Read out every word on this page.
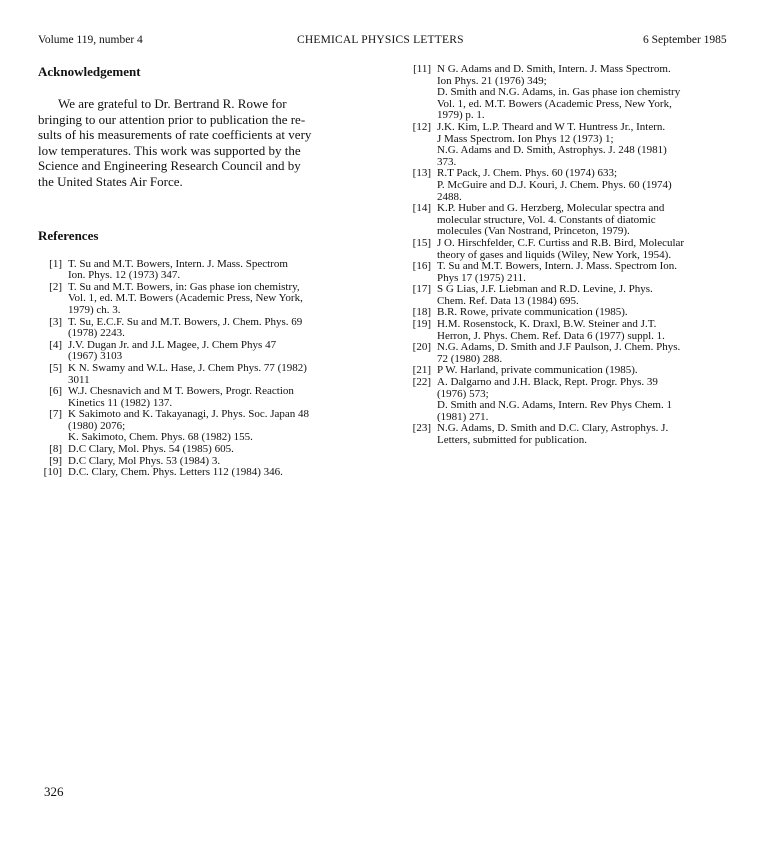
Volume 119, number 4	CHEMICAL PHYSICS LETTERS	6 September 1985
Acknowledgement
We are grateful to Dr. Bertrand R. Rowe for
bringing to our attention prior to publication the re-
sults of his measurements of rate coefficients at very
low temperatures. This work was supported by the
Science and Engineering Research Council and by
the United States Air Force.
References
[1] T. Su and M.T. Bowers, Intern. J. Mass. Spectrom
Ion. Phys. 12 (1973) 347.
[2] T. Su and M.T. Bowers, in: Gas phase ion chemistry,
Vol. 1, ed. M.T. Bowers (Academic Press, New York,
1979) ch. 3.
[3] T. Su, E.C.F. Su and M.T. Bowers, J. Chem. Phys. 69
(1978) 2243.
[4] J.V. Dugan Jr. and J.L Magee, J. Chem Phys 47
(1967) 3103
[5] K N. Swamy and W.L. Hase, J. Chem Phys. 77 (1982)
3011
[6] W.J. Chesnavich and M T. Bowers, Progr. Reaction
Kinetics 11 (1982) 137.
[7] K Sakimoto and K. Takayanagi, J. Phys. Soc. Japan 48
(1980) 2076;
K. Sakimoto, Chem. Phys. 68 (1982) 155.
[8] D.C Clary, Mol. Phys. 54 (1985) 605.
[9] D.C Clary, Mol Phys. 53 (1984) 3.
[10] D.C. Clary, Chem. Phys. Letters 112 (1984) 346.
[11] N G. Adams and D. Smith, Intern. J. Mass Spectrom.
Ion Phys. 21 (1976) 349;
D. Smith and N.G. Adams, in. Gas phase ion chemistry
Vol. 1, ed. M.T. Bowers (Academic Press, New York,
1979) p. 1.
[12] J.K. Kim, L.P. Theard and W T. Huntress Jr., Intern.
J Mass Spectrom. Ion Phys 12 (1973) 1;
N.G. Adams and D. Smith, Astrophys. J. 248 (1981)
373.
[13] R.T Pack, J. Chem. Phys. 60 (1974) 633;
P. McGuire and D.J. Kouri, J. Chem. Phys. 60 (1974)
2488.
[14] K.P. Huber and G. Herzberg, Molecular spectra and
molecular structure, Vol. 4. Constants of diatomic
molecules (Van Nostrand, Princeton, 1979).
[15] J O. Hirschfelder, C.F. Curtiss and R.B. Bird, Molecular
theory of gases and liquids (Wiley, New York, 1954).
[16] T. Su and M.T. Bowers, Intern. J. Mass. Spectrom Ion.
Phys 17 (1975) 211.
[17] S G Lias, J.F. Liebman and R.D. Levine, J. Phys.
Chem. Ref. Data 13 (1984) 695.
[18] B.R. Rowe, private communication (1985).
[19] H.M. Rosenstock, K. Draxl, B.W. Steiner and J.T.
Herron, J. Phys. Chem. Ref. Data 6 (1977) suppl. 1.
[20] N.G. Adams, D. Smith and J.F Paulson, J. Chem. Phys.
72 (1980) 288.
[21] P W. Harland, private communication (1985).
[22] A. Dalgarno and J.H. Black, Rept. Progr. Phys. 39
(1976) 573;
D. Smith and N.G. Adams, Intern. Rev Phys Chem. 1
(1981) 271.
[23] N.G. Adams, D. Smith and D.C. Clary, Astrophys. J.
Letters, submitted for publication.
326
